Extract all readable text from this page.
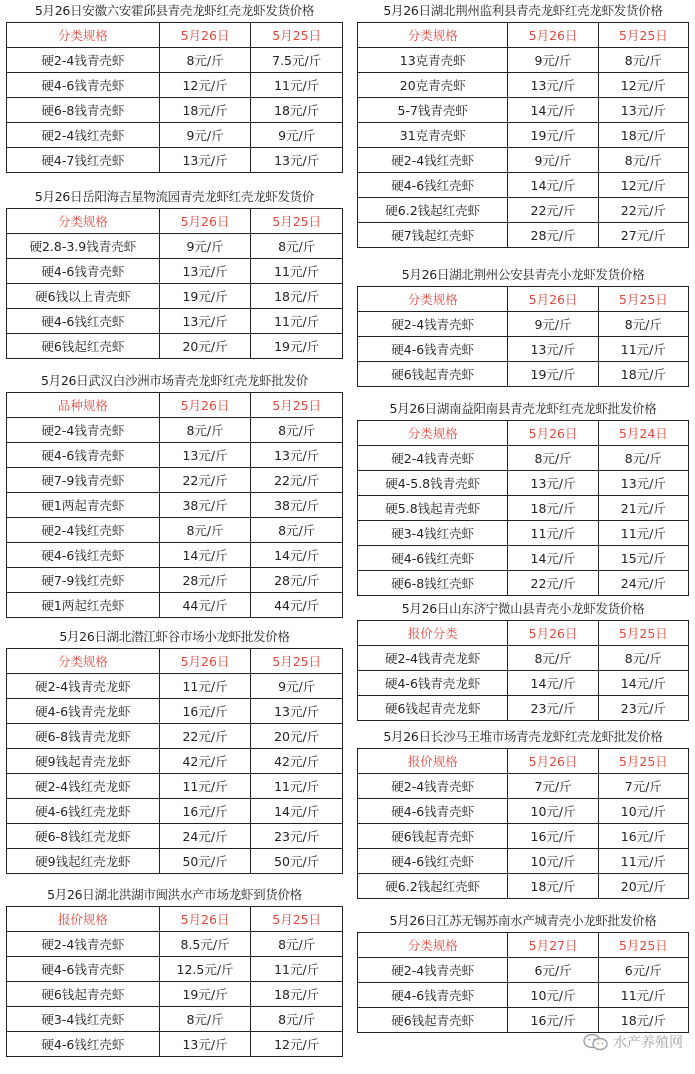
5月26日安徽六安霍邱县青壳龙虾红壳龙虾发货价格
分类规格	5月26日	5月25日
硬2-4钱青壳虾	8元/斤	7.5元/斤
硬4-6钱青壳虾	12元/斤	11元/斤
硬6-8钱青壳虾	18元/斤	18元/斤
硬2-4钱红壳虾	9元/斤	9元/斤
硬4-7钱红壳虾	13元/斤	13元/斤
5月26日岳阳海吉星物流园青壳龙虾红壳龙虾发货价
分类规格	5月26日	5月25日
硬2.8-3.9钱青壳虾	9元/斤	8元/斤
硬4-6钱青壳虾	13元/斤	11元/斤
硬6钱以上青壳虾	19元/斤	18元/斤
硬4-6钱红壳虾	13元/斤	11元/斤
硬6钱起红壳虾	20元/斤	19元/斤
5月26日武汉白沙洲市场青壳龙虾红壳龙虾批发价
品种规格	5月26日	5月25日
硬2-4钱青壳虾	8元/斤	8元/斤
硬4-6钱青壳虾	13元/斤	13元/斤
硬7-9钱青壳虾	22元/斤	22元/斤
硬1两起青壳虾	38元/斤	38元/斤
硬2-4钱红壳虾	8元/斤	8元/斤
硬4-6钱红壳虾	14元/斤	14元/斤
硬7-9钱红壳虾	28元/斤	28元/斤
硬1两起红壳虾	44元/斤	44元/斤
5月26日湖北潜江虾谷市场小龙虾批发价格
分类规格	5月26日	5月25日
硬2-4钱青壳龙虾	11元/斤	9元/斤
硬4-6钱青壳龙虾	16元/斤	13元/斤
硬6-8钱青壳龙虾	22元/斤	20元/斤
硬9钱起青壳龙虾	42元/斤	42元/斤
硬2-4钱红壳龙虾	11元/斤	11元/斤
硬4-6钱红壳龙虾	16元/斤	14元/斤
硬6-8钱红壳龙虾	24元/斤	23元/斤
硬9钱起红壳龙虾	50元/斤	50元/斤
5月26日湖北洪湖市闽洪水产市场龙虾到货价格
报价规格	5月26日	5月25日
硬2-4钱青壳虾	8.5元/斤	8元/斤
硬4-6钱青壳虾	12.5元/斤	11元/斤
硬6钱起青壳虾	19元/斤	18元/斤
硬3-4钱红壳虾	8元/斤	8元/斤
硬4-6钱红壳虾	13元/斤	12元/斤
5月26日湖北荆州监利县青壳龙虾红壳龙虾发货价格
分类规格	5月26日	5月25日
13克青壳虾	9元/斤	8元/斤
20克青壳虾	13元/斤	12元/斤
5-7钱青壳虾	14元/斤	13元/斤
31克青壳虾	19元/斤	18元/斤
硬2-4钱红壳虾	9元/斤	8元/斤
硬4-6钱红壳虾	14元/斤	12元/斤
硬6.2钱起红壳虾	22元/斤	22元/斤
硬7钱起红壳虾	28元/斤	27元/斤
5月26日湖北荆州公安县青壳小龙虾发货价格
分类规格	5月26日	5月25日
硬2-4钱青壳虾	9元/斤	8元/斤
硬4-6钱青壳虾	13元/斤	11元/斤
硬6钱起青壳虾	19元/斤	18元/斤
5月26日湖南益阳南县青壳龙虾红壳龙虾批发价格
分类规格	5月26日	5月24日
硬2-4钱青壳虾	8元/斤	8元/斤
硬4-5.8钱青壳虾	13元/斤	13元/斤
硬5.8钱起青壳虾	18元/斤	21元/斤
硬3-4钱红壳虾	11元/斤	11元/斤
硬4-6钱红壳虾	14元/斤	15元/斤
硬6-8钱红壳虾	22元/斤	24元/斤
5月26日山东济宁微山县青壳小龙虾发货价格
报价分类	5月26日	5月25日
硬2-4钱青壳龙虾	8元/斤	8元/斤
硬4-6钱青壳龙虾	14元/斤	14元/斤
硬6钱起青壳龙虾	23元/斤	23元/斤
5月26日长沙马王堆市场青壳龙虾红壳龙虾批发价格
报价规格	5月26日	5月25日
硬2-4钱青壳虾	7元/斤	7元/斤
硬4-6钱青壳虾	10元/斤	10元/斤
硬6钱起青壳虾	16元/斤	16元/斤
硬4-6钱红壳虾	10元/斤	11元/斤
硬6.2钱起红壳虾	18元/斤	20元/斤
5月26日江苏无锡苏南水产城青壳小龙虾批发价格
分类规格	5月27日	5月25日
硬2-4钱青壳虾	6元/斤	6元/斤
硬4-6钱青壳虾	10元/斤	11元/斤
硬6钱起青壳虾	16元/斤	18元/斤
水产养殖网
